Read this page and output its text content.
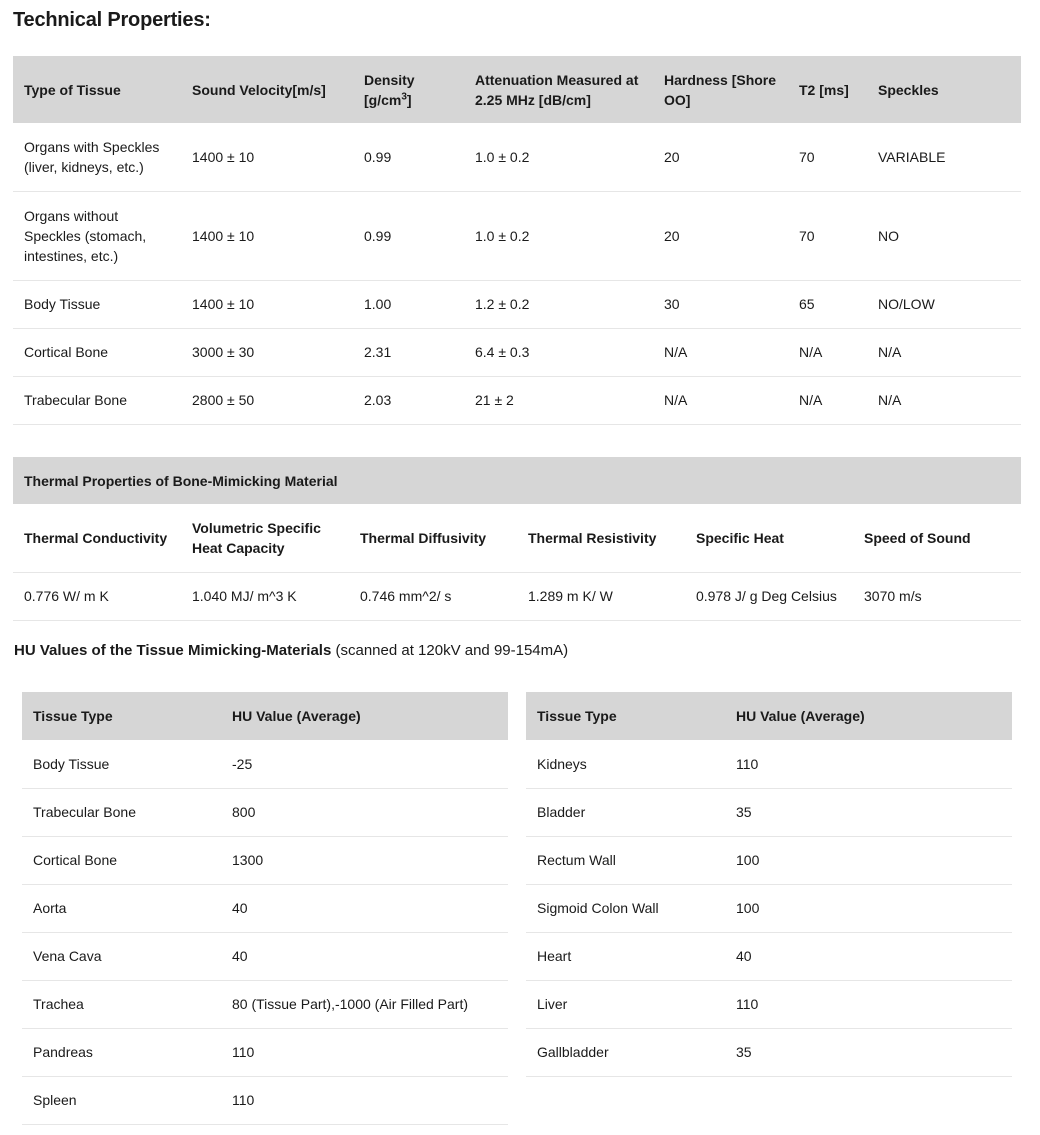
Technical Properties:
Type of Tissue	Sound Velocity[m/s]	Density $[g/cm^3]$	Attenuation Measured at 2.25 MHz [dB/cm]	Hardness [Shore OO]	T2 [ms]	Speckles
Organs with Speckles (liver, kidneys, etc.)	1400 ± 10	0.99	1.0 ± 0.2	20	70	VARIABLE
Organs without Speckles (stomach, intestines, etc.)	1400 ± 10	0.99	1.0 ± 0.2	20	70	NO
Body Tissue	1400 ± 10	1.00	1.2 ± 0.2	30	65	NO/LOW
Cortical Bone	3000 ± 30	2.31	6.4 ± 0.3	N/A	N/A	N/A
Trabecular Bone	2800 ± 50	2.03	21 ± 2	N/A	N/A	N/A
Thermal Properties of Bone-Mimicking Material					
Thermal Conductivity	Volumetric Specific Heat Capacity	Thermal Diffusivity	Thermal Resistivity	Specific Heat	Speed of Sound
0.776 W/ m K	1.040 MJ/ m^3 K	0.746 mm^2/ s	1.289 m K/ W	0.978 J/ g Deg Celsius	3070 m/s

HU Values of the Tissue Mimicking-Materials (scanned at 120kV and 99-154mA)

Tissue Type	HU Value (Average)
Body Tissue	-25
Trabecular Bone	800
Cortical Bone	1300
Aorta	40
Vena Cava	40
Trachea	80 (Tissue Part),-1000 (Air Filled Part)
Pandreas	110
Spleen	110
Tissue Type	HU Value (Average)
Kidneys	110
Bladder	35
Rectum Wall	100
Sigmoid Colon Wall	100
Heart	40
Liver	110
Gallbladder	35
